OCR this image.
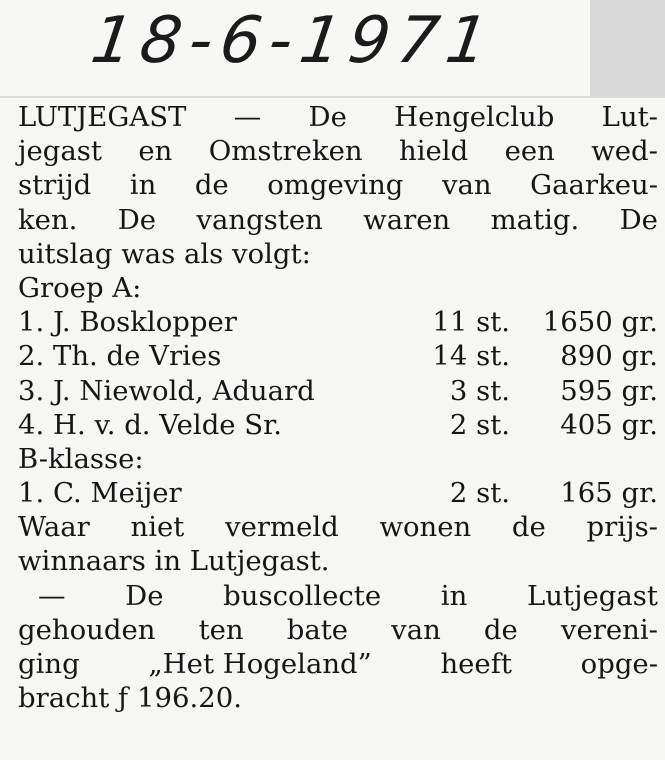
18-6-1971
LUTJEGAST — De Hengelclub Lut-
jegast en Omstreken hield een wed-
strijd in de omgeving van Gaarkeu-
ken. De vangsten waren matig. De
uitslag was als volgt:
Groep A:
1. J. Bosklopper	11 st.	1650 gr.
2. Th. de Vries	14 st.	890 gr.
3. J. Niewold, Aduard	3 st.	595 gr.
4. H. v. d. Velde Sr.	2 st.	405 gr.
B-klasse:
1. C. Meijer	2 st.	165 gr.
Waar niet vermeld wonen de prijs-
winnaars in Lutjegast.
— De buscollecte in Lutjegast
gehouden ten bate van de vereni-
ging „Het Hogeland” heeft opge-
bracht ƒ 196.20.
